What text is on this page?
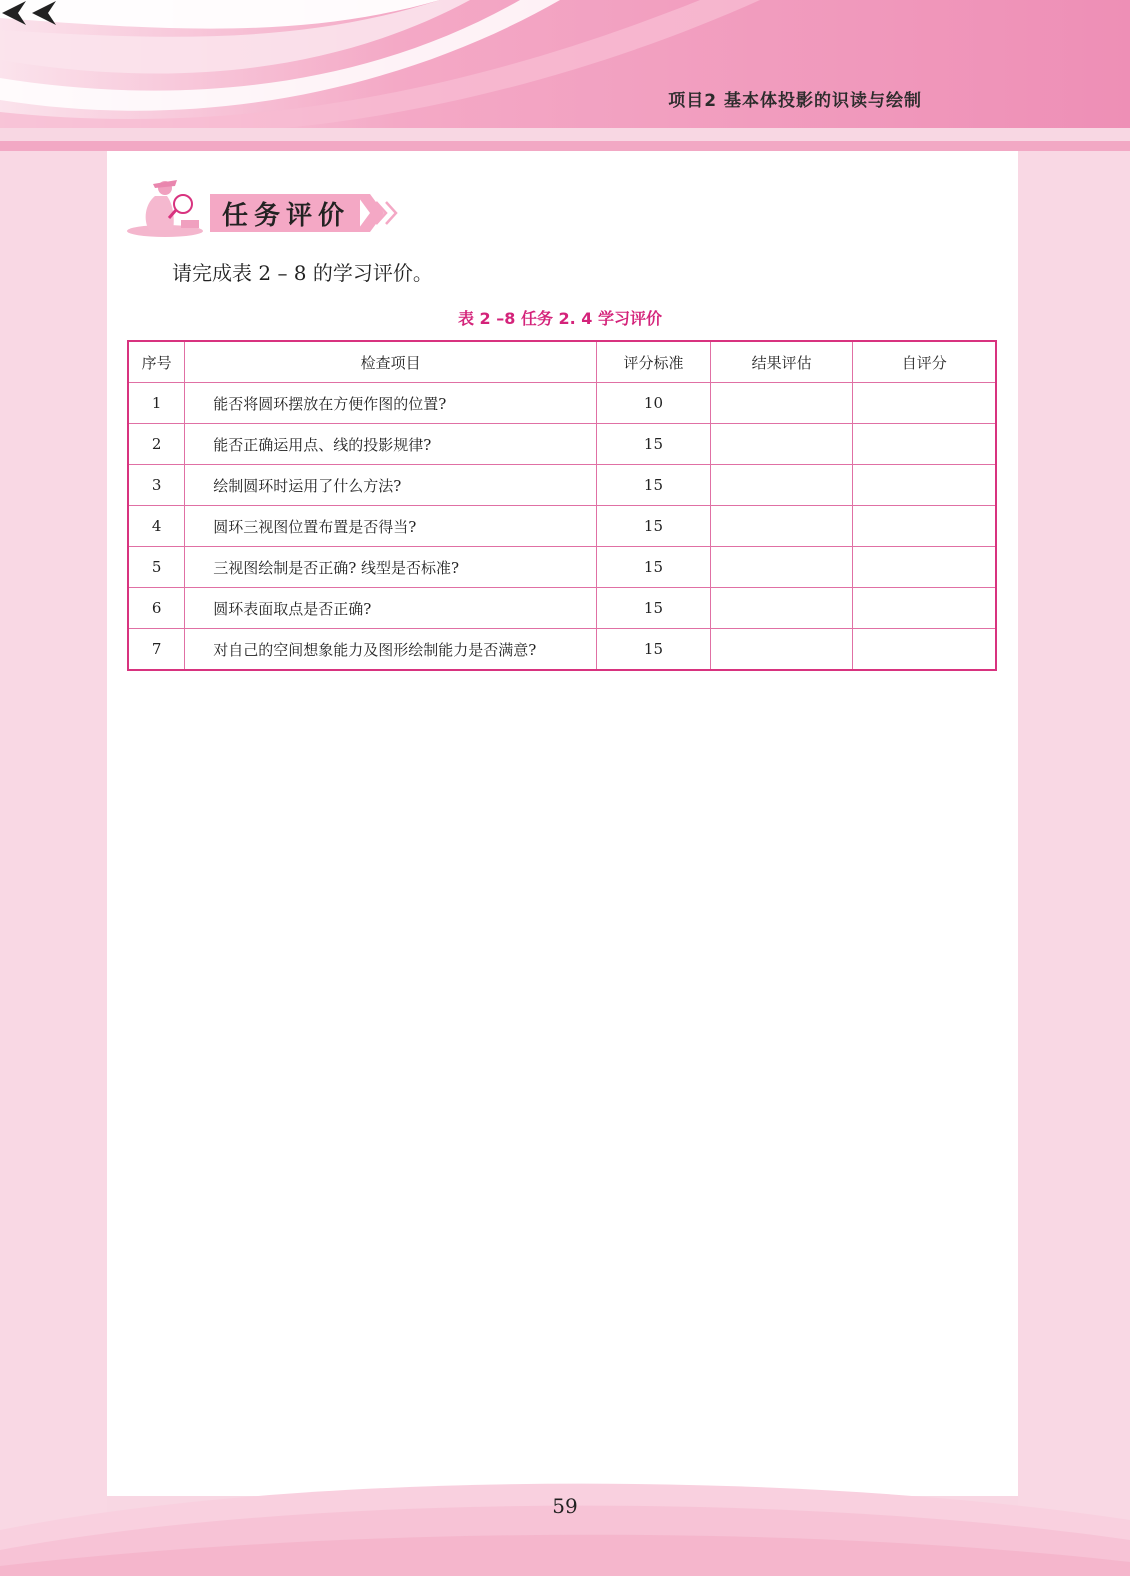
项目2 基本体投影的识读与绘制
任务评价
请完成表 2 – 8 的学习评价。
表 2 –8 任务 2. 4 学习评价
序号	检查项目	评分标准	结果评估	自评分
1	能否将圆环摆放在方便作图的位置?	10		
2	能否正确运用点、线的投影规律?	15		
3	绘制圆环时运用了什么方法?	15		
4	圆环三视图位置布置是否得当?	15		
5	三视图绘制是否正确? 线型是否标准?	15		
6	圆环表面取点是否正确?	15		
7	对自己的空间想象能力及图形绘制能力是否满意?	15		
59
